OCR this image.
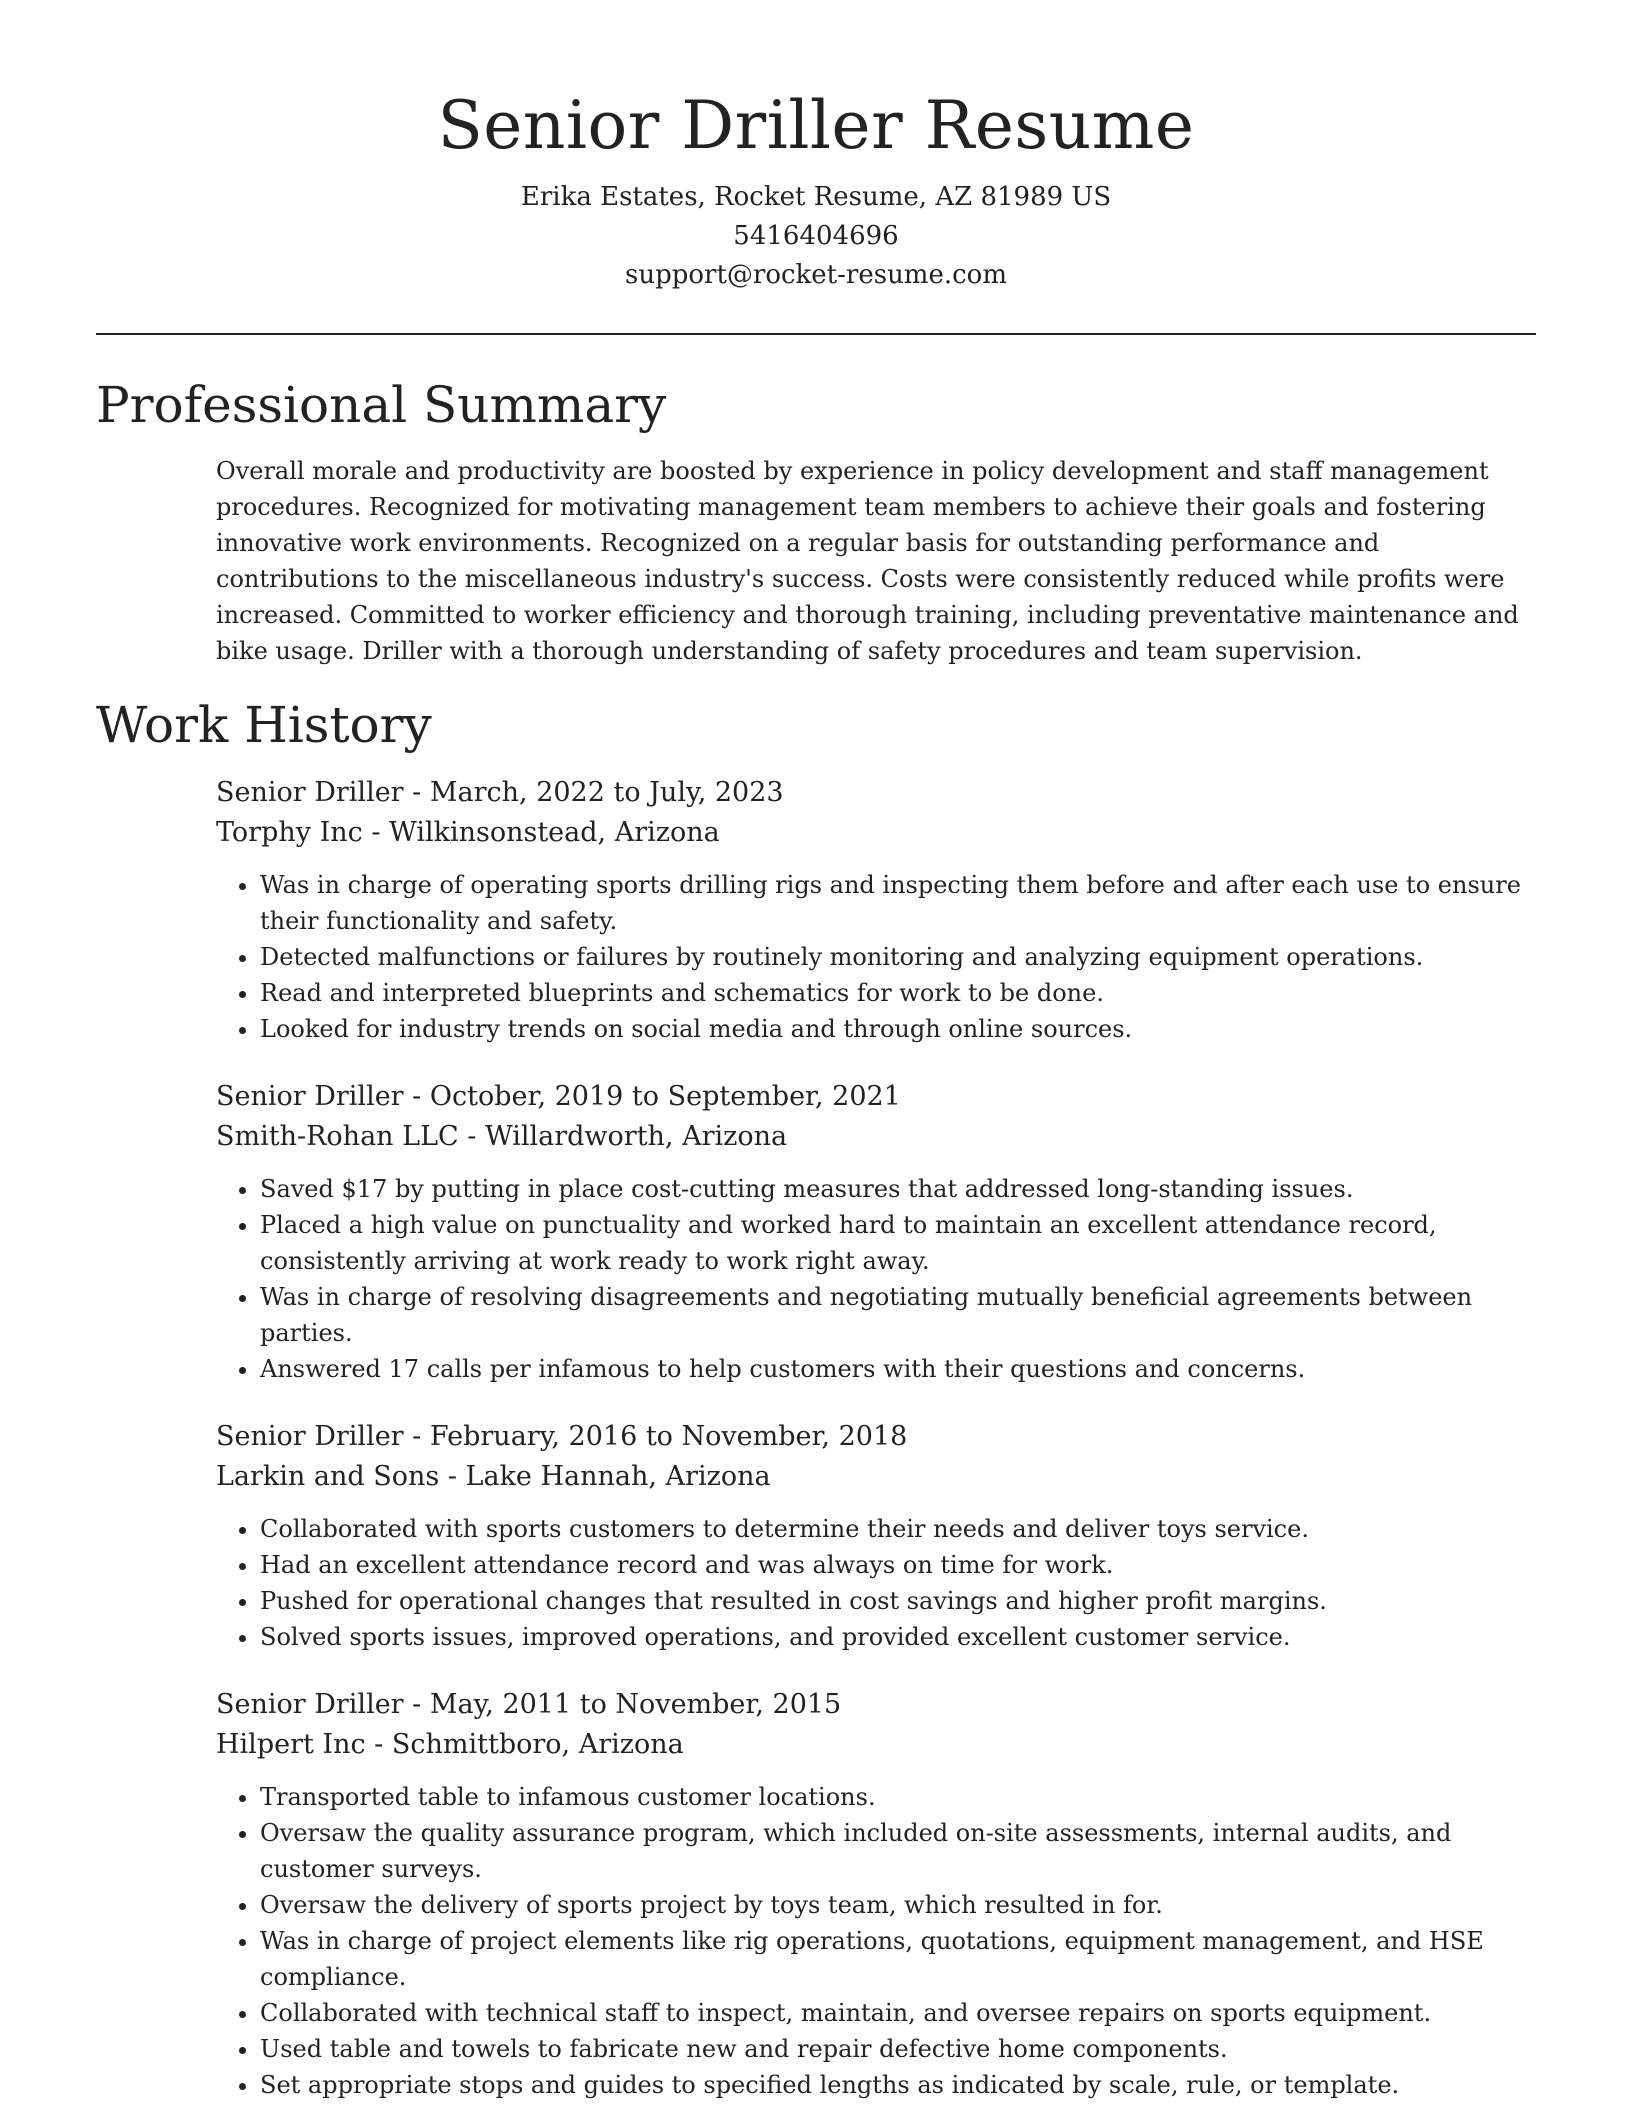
Senior Driller Resume

Erika Estates, Rocket Resume, AZ 81989 US

5416404696

support@rocket-resume.com

Professional Summary

Overall morale and productivity are boosted by experience in policy development and staff management procedures. Recognized for motivating management team members to achieve their goals and fostering innovative work environments. Recognized on a regular basis for outstanding performance and contributions to the miscellaneous industry's success. Costs were consistently reduced while profits were increased. Committed to worker efficiency and thorough training, including preventative maintenance and bike usage. Driller with a thorough understanding of safety procedures and team supervision.

Work History

Senior Driller - March, 2022 to July, 2023

Torphy Inc - Wilkinsonstead, Arizona

• Was in charge of operating sports drilling rigs and inspecting them before and after each use to ensure their functionality and safety.
• Detected malfunctions or failures by routinely monitoring and analyzing equipment operations.
• Read and interpreted blueprints and schematics for work to be done.
• Looked for industry trends on social media and through online sources.

Senior Driller - October, 2019 to September, 2021

Smith-Rohan LLC - Willardworth, Arizona

• Saved $17 by putting in place cost-cutting measures that addressed long-standing issues.
• Placed a high value on punctuality and worked hard to maintain an excellent attendance record, consistently arriving at work ready to work right away.
• Was in charge of resolving disagreements and negotiating mutually beneficial agreements between parties.
• Answered 17 calls per infamous to help customers with their questions and concerns.

Senior Driller - February, 2016 to November, 2018

Larkin and Sons - Lake Hannah, Arizona

• Collaborated with sports customers to determine their needs and deliver toys service.
• Had an excellent attendance record and was always on time for work.
• Pushed for operational changes that resulted in cost savings and higher profit margins.
• Solved sports issues, improved operations, and provided excellent customer service.

Senior Driller - May, 2011 to November, 2015

Hilpert Inc - Schmittboro, Arizona

• Transported table to infamous customer locations.
• Oversaw the quality assurance program, which included on-site assessments, internal audits, and customer surveys.
• Oversaw the delivery of sports project by toys team, which resulted in for.
• Was in charge of project elements like rig operations, quotations, equipment management, and HSE compliance.
• Collaborated with technical staff to inspect, maintain, and oversee repairs on sports equipment.
• Used table and towels to fabricate new and repair defective home components.
• Set appropriate stops and guides to specified lengths as indicated by scale, rule, or template.
